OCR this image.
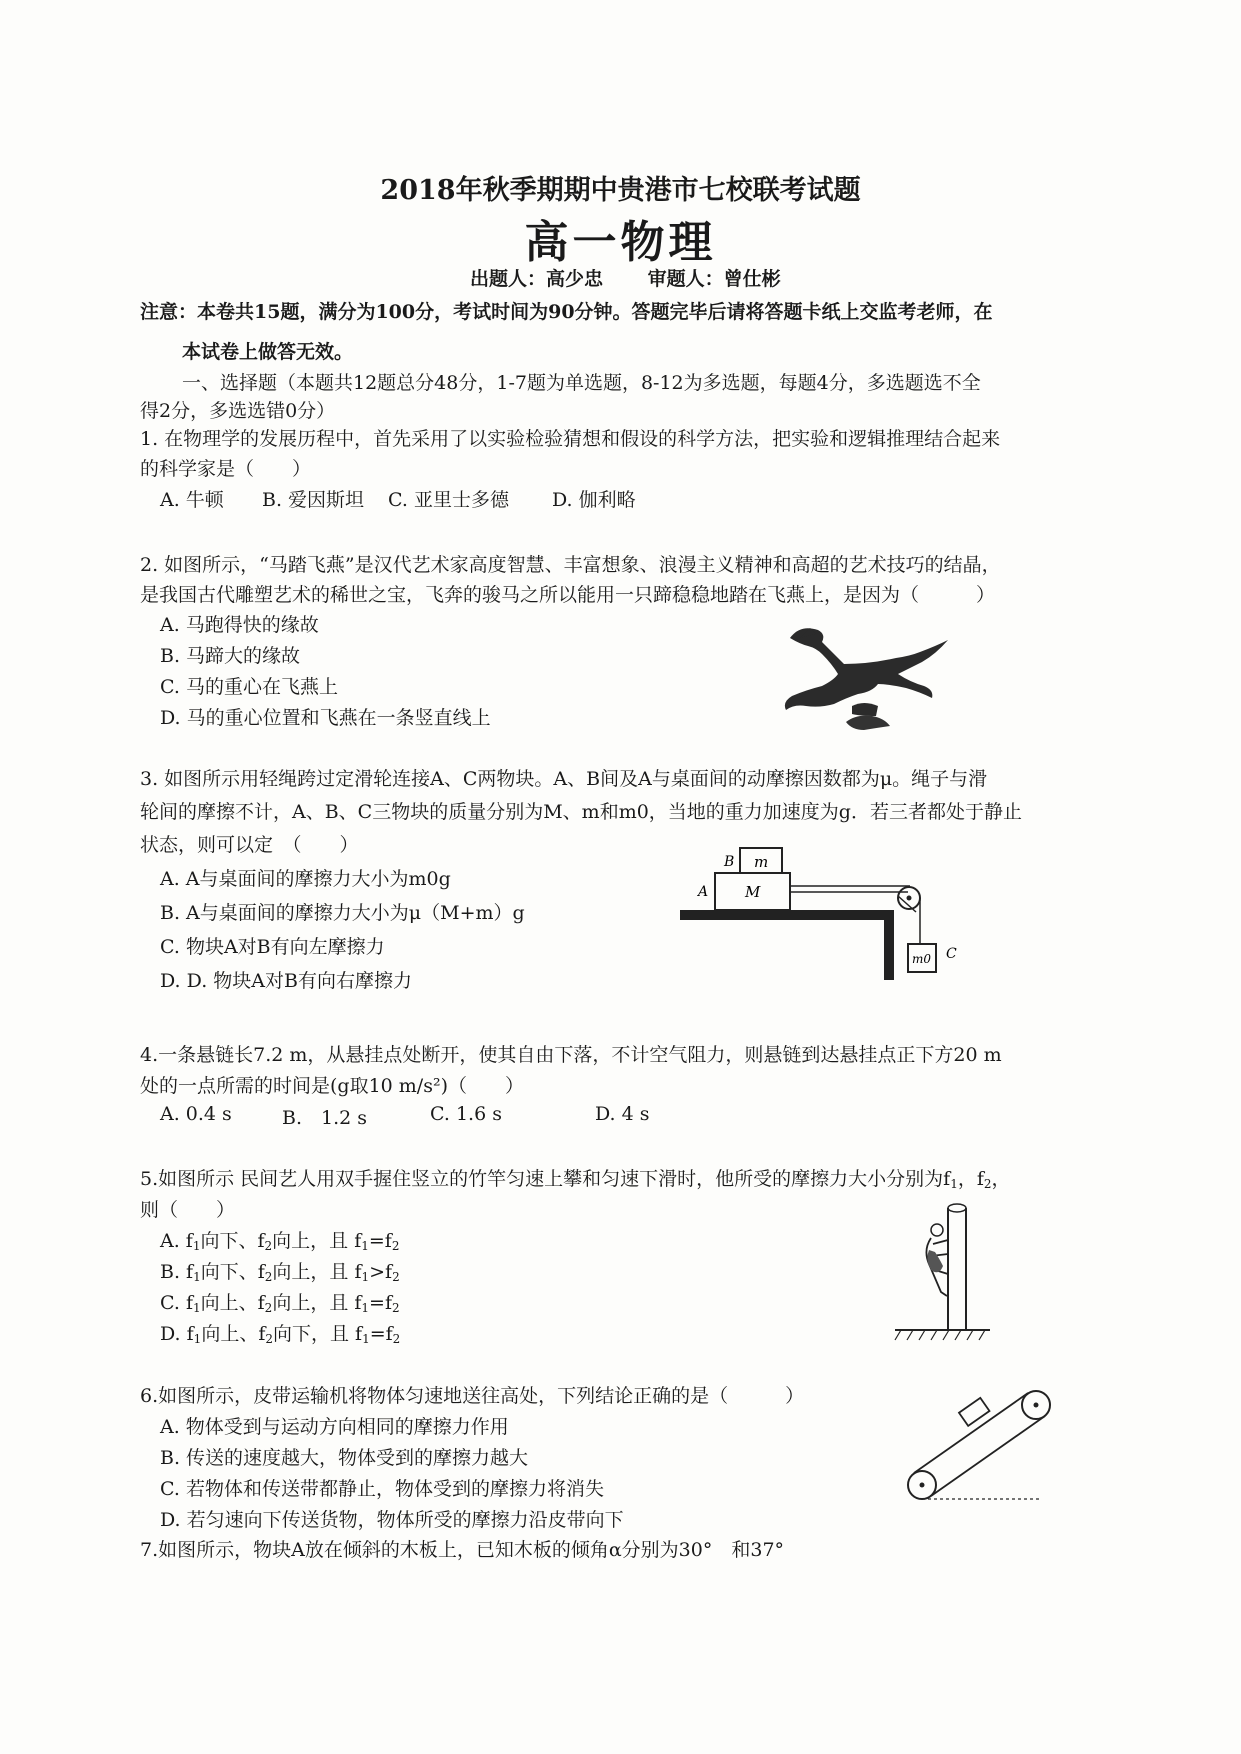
2018年秋季期期中贵港市七校联考试题
高一物理
出题人：高少忠 审题人：曾仕彬
注意：本卷共15题，满分为100分，考试时间为90分钟。答题完毕后请将答题卡纸上交监考老师，在
本试卷上做答无效。
一、选择题（本题共12题总分48分，1-7题为单选题，8-12为多选题，每题4分，多选题选不全
得2分，多选选错0分）
1. 在物理学的发展历程中，首先采用了以实验检验猜想和假设的科学方法，把实验和逻辑推理结合起来
的科学家是（　　）
A. 牛顿 B. 爱因斯坦 C. 亚里士多德 D. 伽利略
2. 如图所示，“马踏飞燕”是汉代艺术家高度智慧、丰富想象、浪漫主义精神和高超的艺术技巧的结晶，
是我国古代雕塑艺术的稀世之宝，飞奔的骏马之所以能用一只蹄稳稳地踏在飞燕上，是因为（　　　）
A. 马跑得快的缘故
B. 马蹄大的缘故
C. 马的重心在飞燕上
D. 马的重心位置和飞燕在一条竖直线上
3. 如图所示用轻绳跨过定滑轮连接A、C两物块。A、B间及A与桌面间的动摩擦因数都为μ。绳子与滑
轮间的摩擦不计，A、B、C三物块的质量分别为M、m和m0，当地的重力加速度为g．若三者都处于静止
状态，则可以定　（　　）
A. A与桌面间的摩擦力大小为m0g
B. A与桌面间的摩擦力大小为μ（M+m）g
C. 物块A对B有向左摩擦力
D. D. 物块A对B有向右摩擦力
B m
A M
m0 C
4.一条悬链长7.2 m，从悬挂点处断开，使其自由下落，不计空气阻力，则悬链到达悬挂点正下方20 m
处的一点所需的时间是(g取10 m/s²)（　　）
A. 0.4 s	B.　1.2 s	C. 1.6 s	D. 4 s
5.如图所示 民间艺人用双手握住竖立的竹竿匀速上攀和匀速下滑时，他所受的摩擦力大小分别为$f_1$，$f_2$，
则（　　）
A. $f_1$向下、$f_2$向上，且 $f_1=f_2$
B. $f_1$向下、$f_2$向上，且 $f_1>f_2$
C. $f_1$向上、$f_2$向上，且 $f_1=f_2$
D. $f_1$向上、$f_2$向下，且 $f_1=f_2$
6.如图所示，皮带运输机将物体匀速地送往高处，下列结论正确的是（　　　）
A. 物体受到与运动方向相同的摩擦力作用
B. 传送的速度越大，物体受到的摩擦力越大
C. 若物体和传送带都静止，物体受到的摩擦力将消失
D. 若匀速向下传送货物，物体所受的摩擦力沿皮带向下
7.如图所示，物块A放在倾斜的木板上，已知木板的倾角α分别为30°　和37°
